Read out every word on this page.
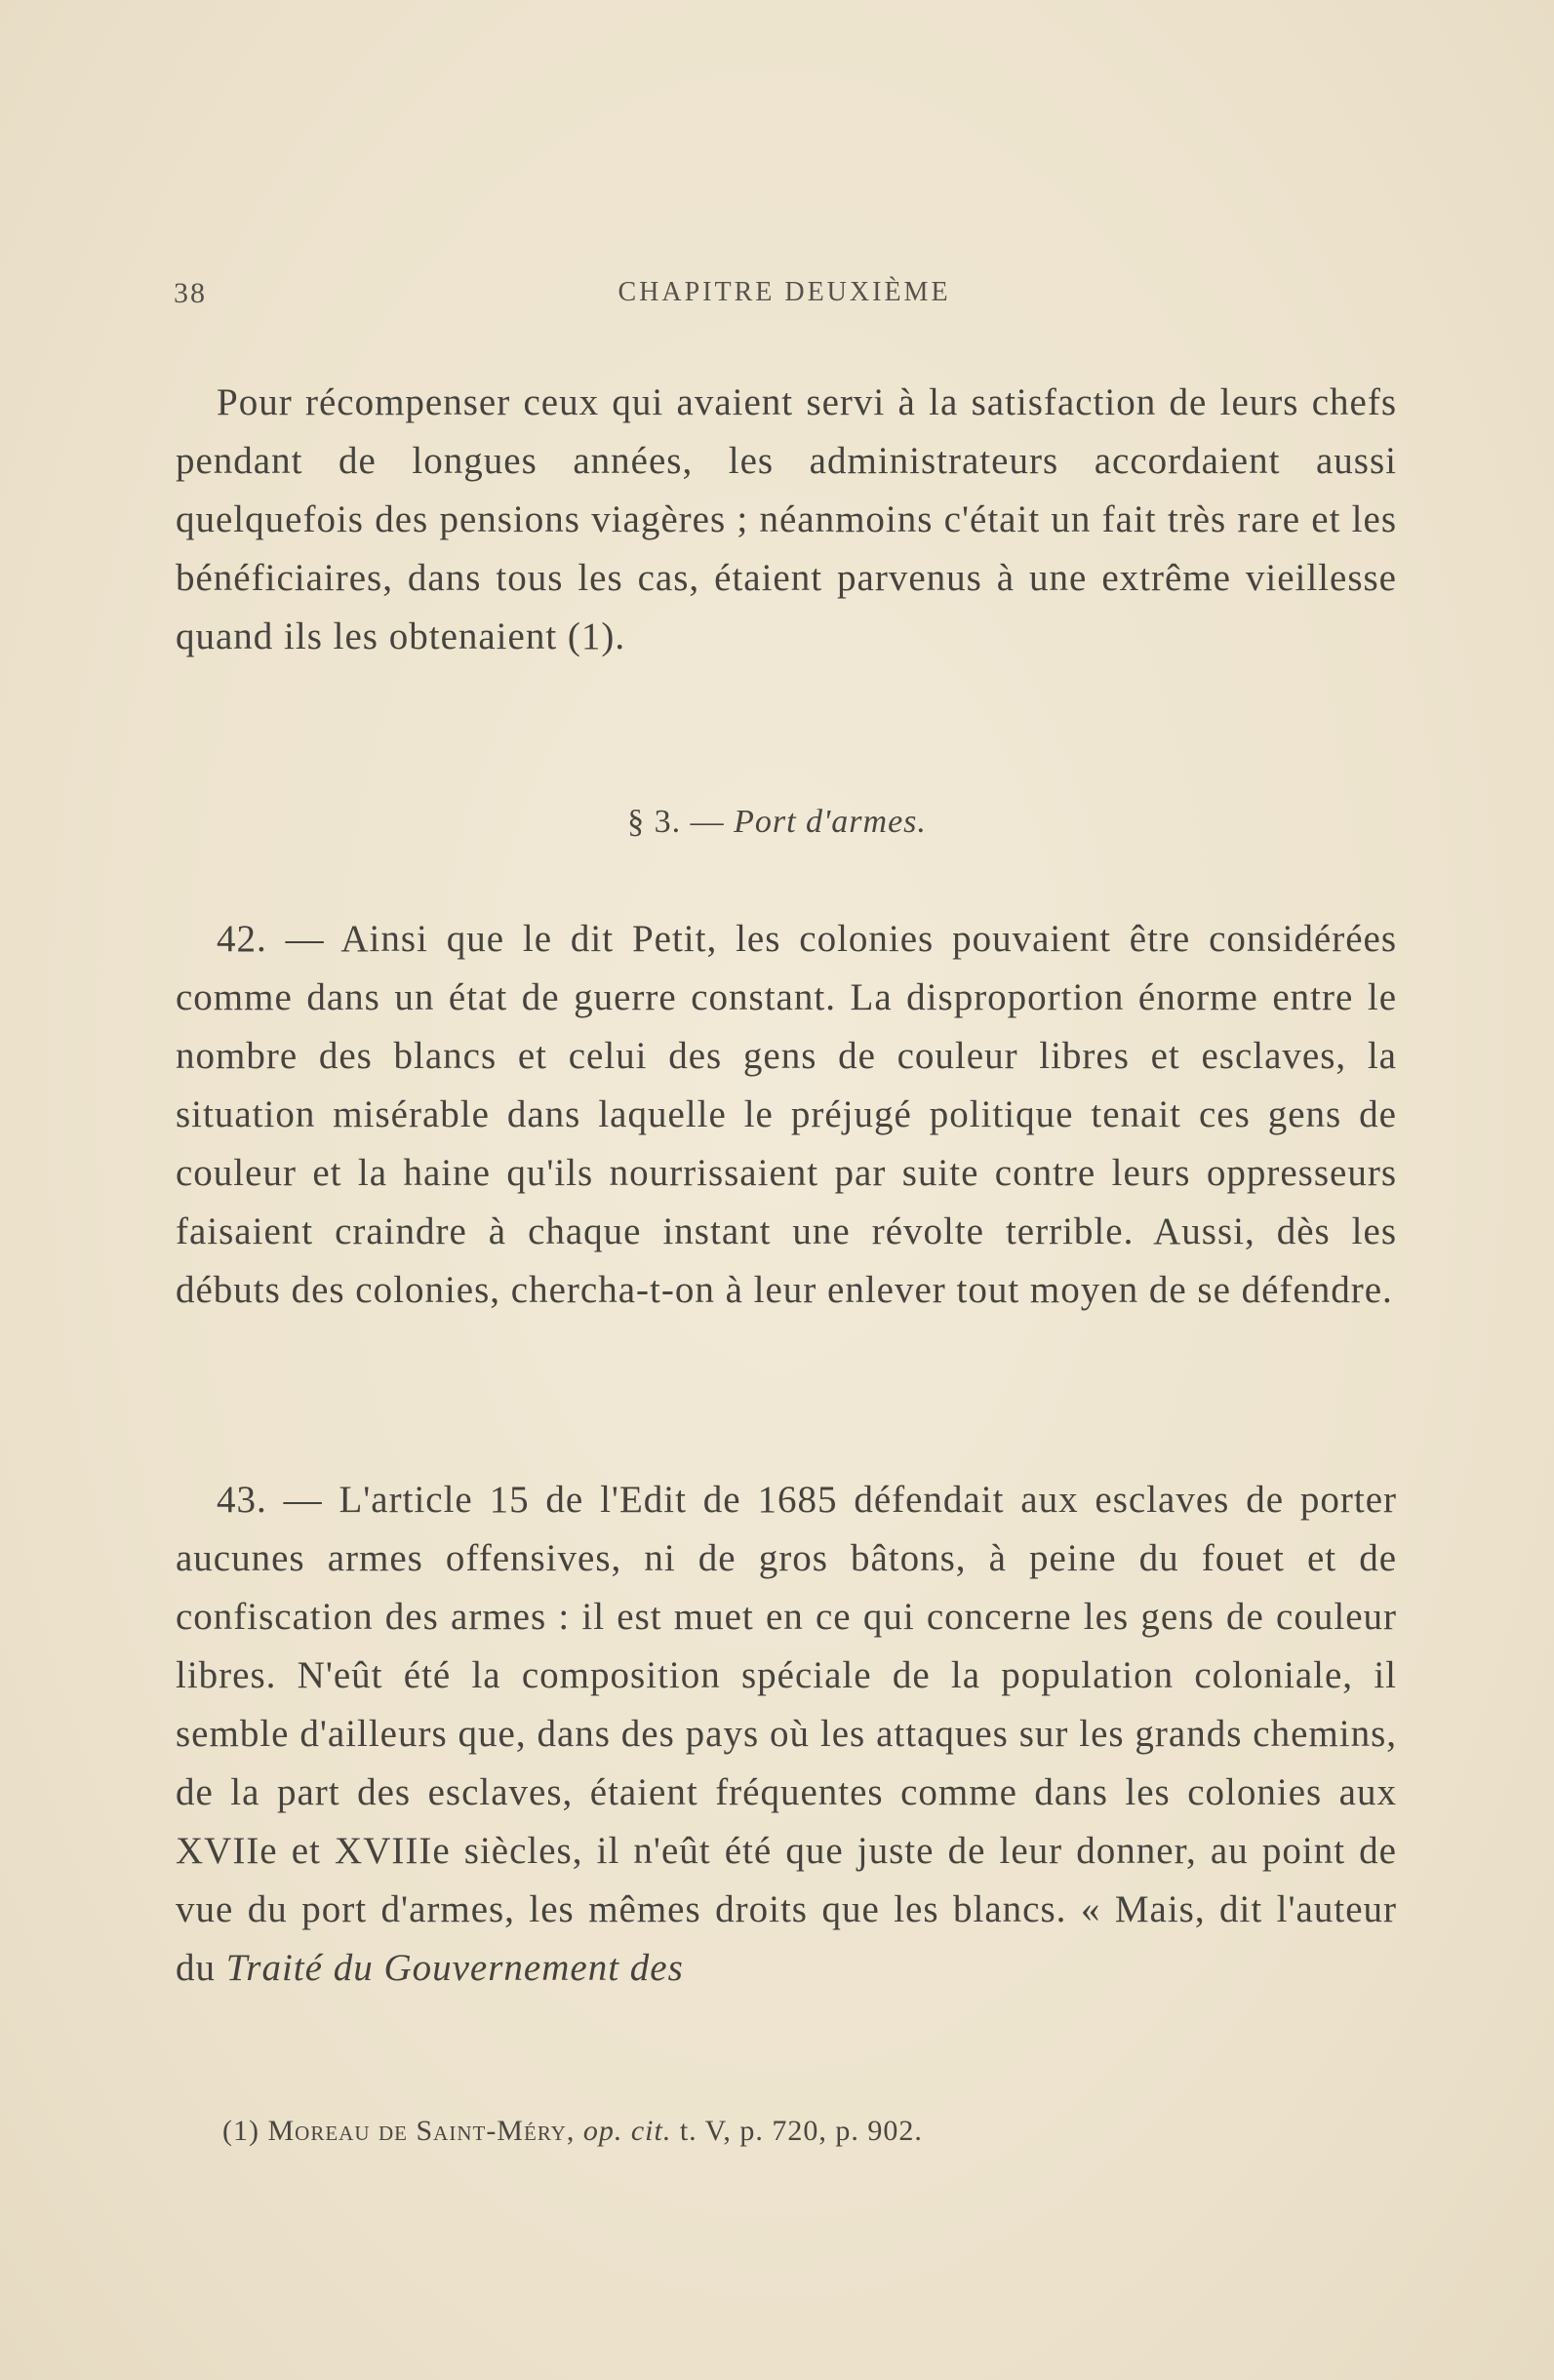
38	CHAPITRE DEUXIÈME

Pour récompenser ceux qui avaient servi à la satisfaction de leurs chefs pendant de longues années, les administrateurs accordaient aussi quelquefois des pensions viagères ; néanmoins c'était un fait très rare et les bénéficiaires, dans tous les cas, étaient parvenus à une extrême vieillesse quand ils les obtenaient (1).

§ 3. — Port d'armes.

42. — Ainsi que le dit Petit, les colonies pouvaient être considérées comme dans un état de guerre constant. La disproportion énorme entre le nombre des blancs et celui des gens de couleur libres et esclaves, la situation misérable dans laquelle le préjugé politique tenait ces gens de couleur et la haine qu'ils nourrissaient par suite contre leurs oppresseurs faisaient craindre à chaque instant une révolte terrible. Aussi, dès les débuts des colonies, chercha-t-on à leur enlever tout moyen de se défendre.

43. — L'article 15 de l'Edit de 1685 défendait aux esclaves de porter aucunes armes offensives, ni de gros bâtons, à peine du fouet et de confiscation des armes : il est muet en ce qui concerne les gens de couleur libres. N'eût été la composition spéciale de la population coloniale, il semble d'ailleurs que, dans des pays où les attaques sur les grands chemins, de la part des esclaves, étaient fréquentes comme dans les colonies aux XVIIe et XVIIIe siècles, il n'eût été que juste de leur donner, au point de vue du port d'armes, les mêmes droits que les blancs. « Mais, dit l'auteur du Traité du Gouvernement des

(1) Moreau de Saint-Méry, op. cit. t. V, p. 720, p. 902.
